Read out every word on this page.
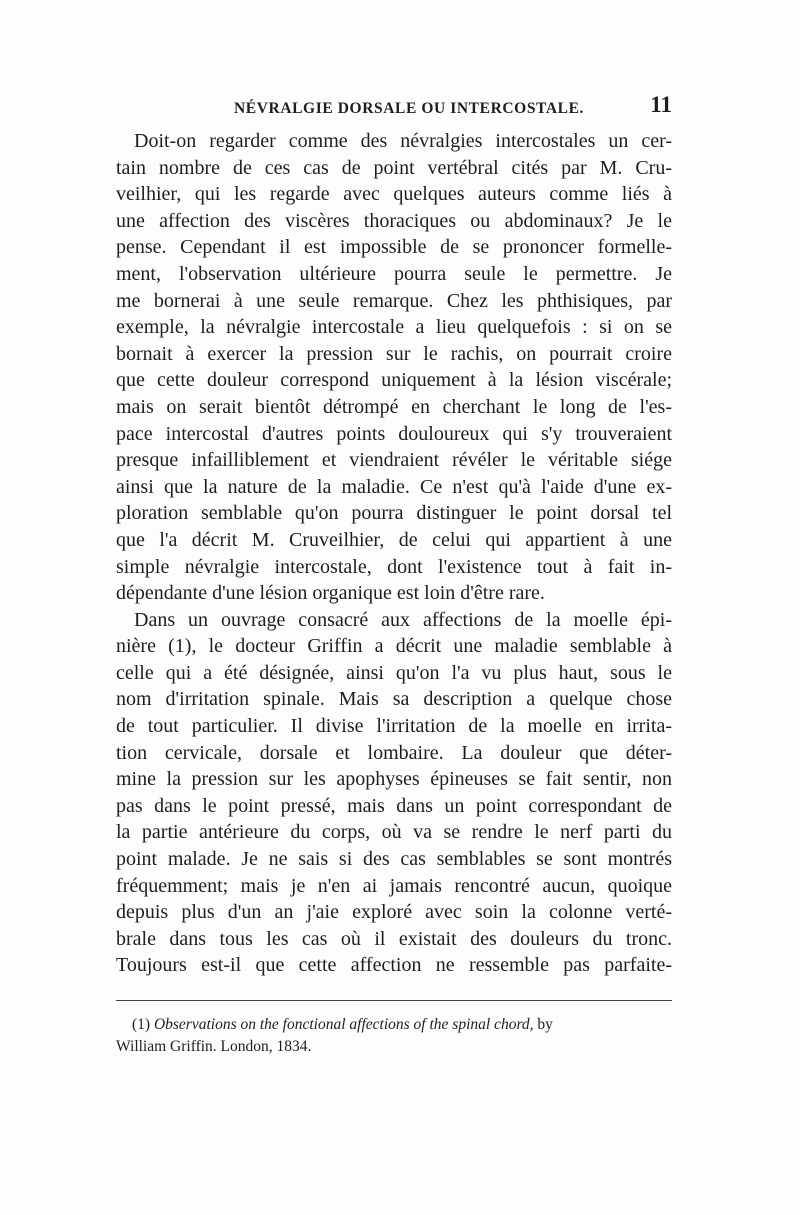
NÉVRALGIE DORSALE OU INTERCOSTALE.	11
Doit-on regarder comme des névralgies intercostales un cer-
tain nombre de ces cas de point vertébral cités par M. Cru-
veilhier, qui les regarde avec quelques auteurs comme liés à
une affection des viscères thoraciques ou abdominaux? Je le
pense. Cependant il est impossible de se prononcer formelle-
ment, l'observation ultérieure pourra seule le permettre. Je
me bornerai à une seule remarque. Chez les phthisiques, par
exemple, la névralgie intercostale a lieu quelquefois : si on se
bornait à exercer la pression sur le rachis, on pourrait croire
que cette douleur correspond uniquement à la lésion viscérale;
mais on serait bientôt détrompé en cherchant le long de l'es-
pace intercostal d'autres points douloureux qui s'y trouveraient
presque infailliblement et viendraient révéler le véritable siége
ainsi que la nature de la maladie. Ce n'est qu'à l'aide d'une ex-
ploration semblable qu'on pourra distinguer le point dorsal tel
que l'a décrit M. Cruveilhier, de celui qui appartient à une
simple névralgie intercostale, dont l'existence tout à fait in-
dépendante d'une lésion organique est loin d'être rare.
Dans un ouvrage consacré aux affections de la moelle épi-
nière (1), le docteur Griffin a décrit une maladie semblable à
celle qui a été désignée, ainsi qu'on l'a vu plus haut, sous le
nom d'irritation spinale. Mais sa description a quelque chose
de tout particulier. Il divise l'irritation de la moelle en irrita-
tion cervicale, dorsale et lombaire. La douleur que déter-
mine la pression sur les apophyses épineuses se fait sentir, non
pas dans le point pressé, mais dans un point correspondant de
la partie antérieure du corps, où va se rendre le nerf parti du
point malade. Je ne sais si des cas semblables se sont montrés
fréquemment; mais je n'en ai jamais rencontré aucun, quoique
depuis plus d'un an j'aie exploré avec soin la colonne verté-
brale dans tous les cas où il existait des douleurs du tronc.
Toujours est-il que cette affection ne ressemble pas parfaite-
(1) Observations on the fonctional affections of the spinal chord, by
William Griffin. London, 1834.
